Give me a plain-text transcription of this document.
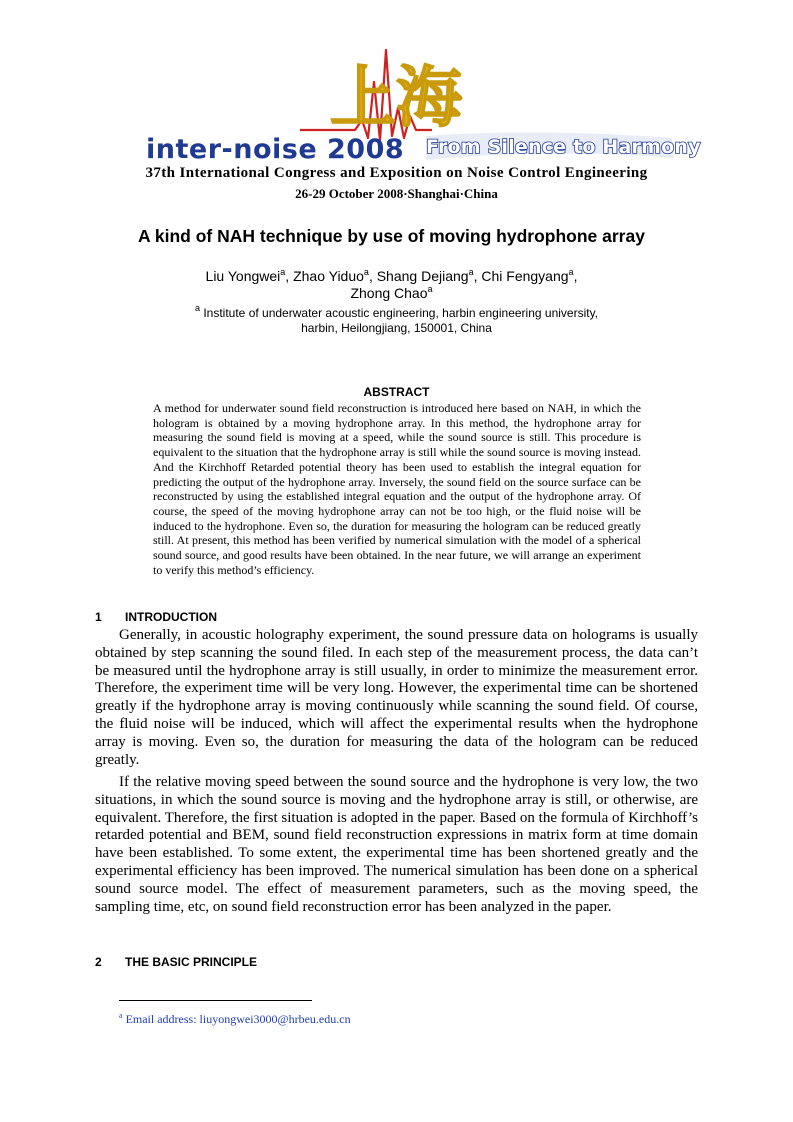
上海
inter-noise 2008 From Silence to Harmony
37th International Congress and Exposition on Noise Control Engineering
26-29 October 2008·Shanghai·China
A kind of NAH technique by use of moving hydrophone array
Liu Yongwei$^a$, Zhao Yiduo$^a$, Shang Dejiang$^a$, Chi Fengyang$^a$,
Zhong Chao$^a$
$^a$ Institute of underwater acoustic engineering, harbin engineering university,
harbin, Heilongjiang, 150001, China
ABSTRACT
A method for underwater sound field reconstruction is introduced here based on NAH, in which the hologram is obtained by a moving hydrophone array. In this method, the hydrophone array for measuring the sound field is moving at a speed, while the sound source is still. This procedure is equivalent to the situation that the hydrophone array is still while the sound source is moving instead. And the Kirchhoff Retarded potential theory has been used to establish the integral equation for predicting the output of the hydrophone array. Inversely, the sound field on the source surface can be reconstructed by using the established integral equation and the output of the hydrophone array. Of course, the speed of the moving hydrophone array can not be too high, or the fluid noise will be induced to the hydrophone. Even so, the duration for measuring the hologram can be reduced greatly still. At present, this method has been verified by numerical simulation with the model of a spherical sound source, and good results have been obtained. In the near future, we will arrange an experiment to verify this method’s efficiency.
1 INTRODUCTION

Generally, in acoustic holography experiment, the sound pressure data on holograms is usually obtained by step scanning the sound filed. In each step of the measurement process, the data can’t be measured until the hydrophone array is still usually, in order to minimize the measurement error. Therefore, the experiment time will be very long. However, the experimental time can be shortened greatly if the hydrophone array is moving continuously while scanning the sound field. Of course, the fluid noise will be induced, which will affect the experimental results when the hydrophone array is moving. Even so, the duration for measuring the data of the hologram can be reduced greatly.

If the relative moving speed between the sound source and the hydrophone is very low, the two situations, in which the sound source is moving and the hydrophone array is still, or otherwise, are equivalent. Therefore, the first situation is adopted in the paper. Based on the formula of Kirchhoff’s retarded potential and BEM, sound field reconstruction expressions in matrix form at time domain have been established. To some extent, the experimental time has been shortened greatly and the experimental efficiency has been improved. The numerical simulation has been done on a spherical sound source model. The effect of measurement parameters, such as the moving speed, the sampling time, etc, on sound field reconstruction error has been analyzed in the paper.

2 THE BASIC PRINCIPLE
$^a$ Email address: liuyongwei3000@hrbeu.edu.cn
